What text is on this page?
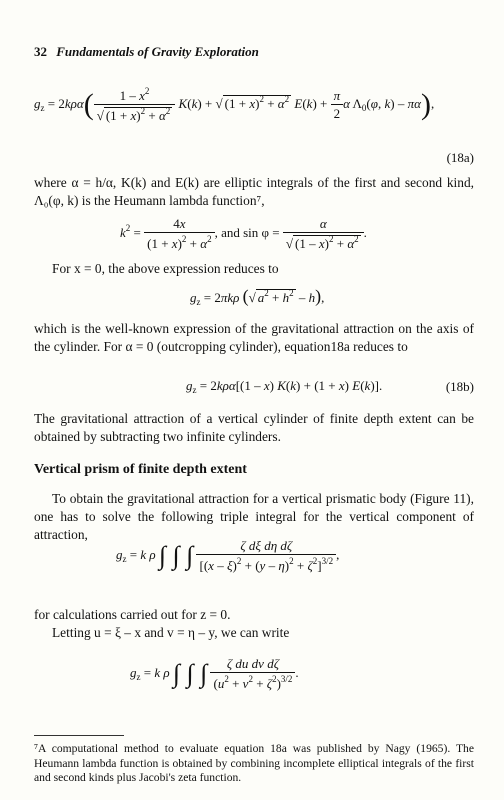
32 Fundamentals of Gravity Exploration
$g_z = 2k\rho\alpha( \frac{1 - x^2}{√ (1 + x)^2 + \alpha^2} K(k)$ + √ $(1 + x)^2 + \alpha^2$ $E(k) + \frac{\pi}{2}$ α $\Lambda_0(\varphi$, k) – πα),
(18a)
where α = h/α, K(k) and E(k) are elliptic integrals of the first and second kind, Λ₀(φ, k) is the Heumann lambda function⁷,
$k^2 = \frac{4x}{(1 + x)^2 + \alpha^2}$ , and $\sin \varphi = \frac{\alpha}{√ (1 - x)^2 + \alpha^2}$ .
For x = 0, the above expression reduces to
$g_z = 2\pi k\rho$ (√ $a^2 + h^2 - h$),
which is the well-known expression of the gravitational attraction on the axis of the cylinder. For α = 0 (outcropping cylinder), equation18a reduces to
$g_z = 2k\rho\alpha[(1 - x) K(k) + (1 + x)$ E(k)].	(18b)
The gravitational attraction of a vertical cylinder of finite depth extent can be obtained by subtracting two infinite cylinders.
Vertical prism of finite depth extent
To obtain the gravitational attraction for a vertical prismatic body (Figure 11), one has to solve the following triple integral for the vertical component of attraction,
$g_z = k$ ρ ∫ ∫ ∫ $\frac{\text{ζ dξ dη dζ}}{[(x - \xi)^2 + (y - \eta)^2 + \zeta^2]^{3/2}}$ ,
for calculations carried out for z = 0.
Letting u = ξ – x and v = η – y, we can write
$g_z = k$ ρ ∫ ∫ ∫ $\frac{\text{ζ du dv dζ}}{(u^2 + v^2 + \zeta^2)^{3/2}}$ .
⁷A computational method to evaluate equation 18a was published by Nagy (1965). The Heumann lambda function is obtained by combining incomplete elliptical integrals of the first and second kinds plus Jacobi's zeta function.
